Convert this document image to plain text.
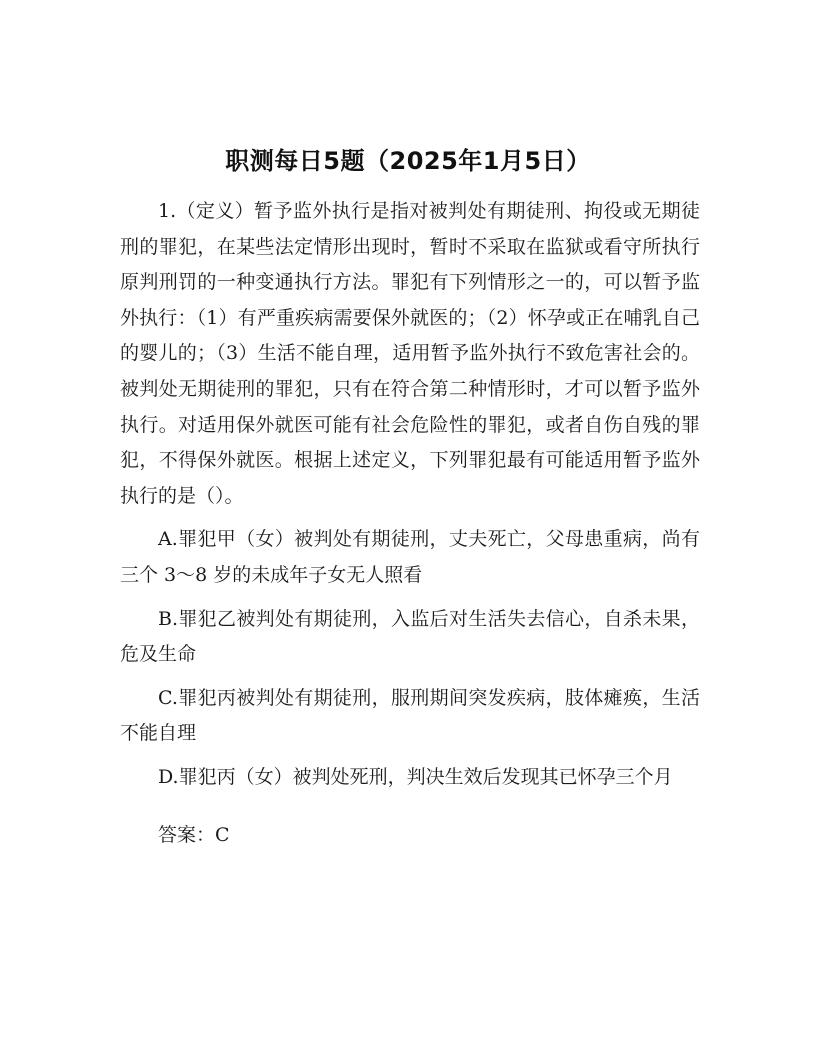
职测每日5题（2025年1月5日）

1.（定义）暂予监外执行是指对被判处有期徒刑、拘役或无期徒刑的罪犯，在某些法定情形出现时，暂时不采取在监狱或看守所执行原判刑罚的一种变通执行方法。罪犯有下列情形之一的，可以暂予监外执行：（1）有严重疾病需要保外就医的；（2）怀孕或正在哺乳自己的婴儿的；（3）生活不能自理，适用暂予监外执行不致危害社会的。被判处无期徒刑的罪犯，只有在符合第二种情形时，才可以暂予监外执行。对适用保外就医可能有社会危险性的罪犯，或者自伤自残的罪犯，不得保外就医。根据上述定义，下列罪犯最有可能适用暂予监外执行的是（）。

A.罪犯甲（女）被判处有期徒刑，丈夫死亡，父母患重病，尚有三个 3～8 岁的未成年子女无人照看

B.罪犯乙被判处有期徒刑，入监后对生活失去信心，自杀未果，危及生命

C.罪犯丙被判处有期徒刑，服刑期间突发疾病，肢体瘫痪，生活不能自理

D.罪犯丙（女）被判处死刑，判决生效后发现其已怀孕三个月

答案：C
